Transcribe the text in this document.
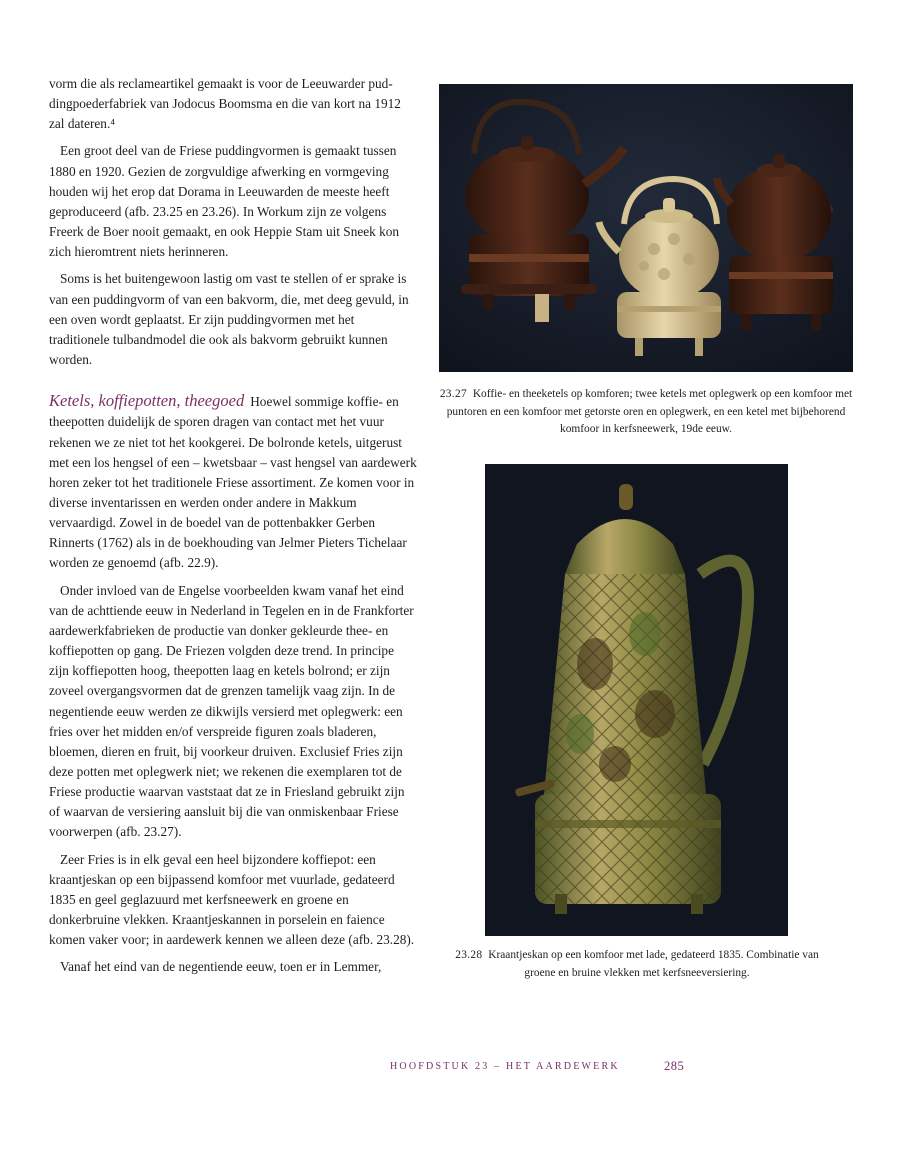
vorm die als reclameartikel gemaakt is voor de Leeuwarder pud-dingpoederfabriek van Jodocus Boomsma en die van kort na 1912 zal dateren.⁴

Een groot deel van de Friese puddingvormen is gemaakt tussen 1880 en 1920. Gezien de zorgvuldige afwerking en vormgeving houden wij het erop dat Dorama in Leeuwarden de meeste heeft geproduceerd (afb. 23.25 en 23.26). In Workum zijn ze volgens Freerk de Boer nooit gemaakt, en ook Heppie Stam uit Sneek kon zich hieromtrent niets herinneren.

Soms is het buitengewoon lastig om vast te stellen of er sprake is van een puddingvorm of van een bakvorm, die, met deeg gevuld, in een oven wordt geplaatst. Er zijn puddingvormen met het traditionele tulbandmodel die ook als bakvorm gebruikt kunnen worden.

Ketels, koffiepotten, theegoed Hoewel sommige koffie- en theepotten duidelijk de sporen dragen van contact met het vuur rekenen we ze niet tot het kookgerei. De bolronde ketels, uitgerust met een los hengsel of een – kwetsbaar – vast hengsel van aardewerk horen zeker tot het traditionele Friese assortiment. Ze komen voor in diverse inventarissen en werden onder andere in Makkum vervaardigd. Zowel in de boedel van de pottenbakker Gerben Rinnerts (1762) als in de boekhouding van Jelmer Pieters Tichelaar worden ze genoemd (afb. 22.9).

Onder invloed van de Engelse voorbeelden kwam vanaf het eind van de achttiende eeuw in Nederland in Tegelen en in de Frankforter aardewerkfabrieken de productie van donker gekleurde thee- en koffiepotten op gang. De Friezen volgden deze trend. In principe zijn koffiepotten hoog, theepotten laag en ketels bolrond; er zijn zoveel overgangsvormen dat de grenzen tamelijk vaag zijn. In de negentiende eeuw werden ze dikwijls versierd met oplegwerk: een fries over het midden en/of verspreide figuren zoals bladeren, bloemen, dieren en fruit, bij voorkeur druiven. Exclusief Fries zijn deze potten met oplegwerk niet; we rekenen die exemplaren tot de Friese productie waarvan vaststaat dat ze in Friesland gebruikt zijn of waarvan de versiering aansluit bij die van onmiskenbaar Friese voorwerpen (afb. 23.27).

Zeer Fries is in elk geval een heel bijzondere koffiepot: een kraantjeskan op een bijpassend komfoor met vuurlade, gedateerd 1835 en geel geglazuurd met kerfsneewerk en groene en donkerbruine vlekken. Kraantjeskannen in porselein en faience komen vaker voor; in aardewerk kennen we alleen deze (afb. 23.28).

Vanaf het eind van de negentiende eeuw, toen er in Lemmer,

23.27 Koffie- en theeketels op komforen; twee ketels met oplegwerk op een komfoor met puntoren en een komfoor met getorste oren en oplegwerk, en een ketel met bijbehorend komfoor in kerfsneewerk, 19de eeuw.
23.28 Kraantjeskan op een komfoor met lade, gedateerd 1835. Combinatie van groene en bruine vlekken met kerfsneeversiering.
HOOFDSTUK 23 – HET AARDEWERK	285
